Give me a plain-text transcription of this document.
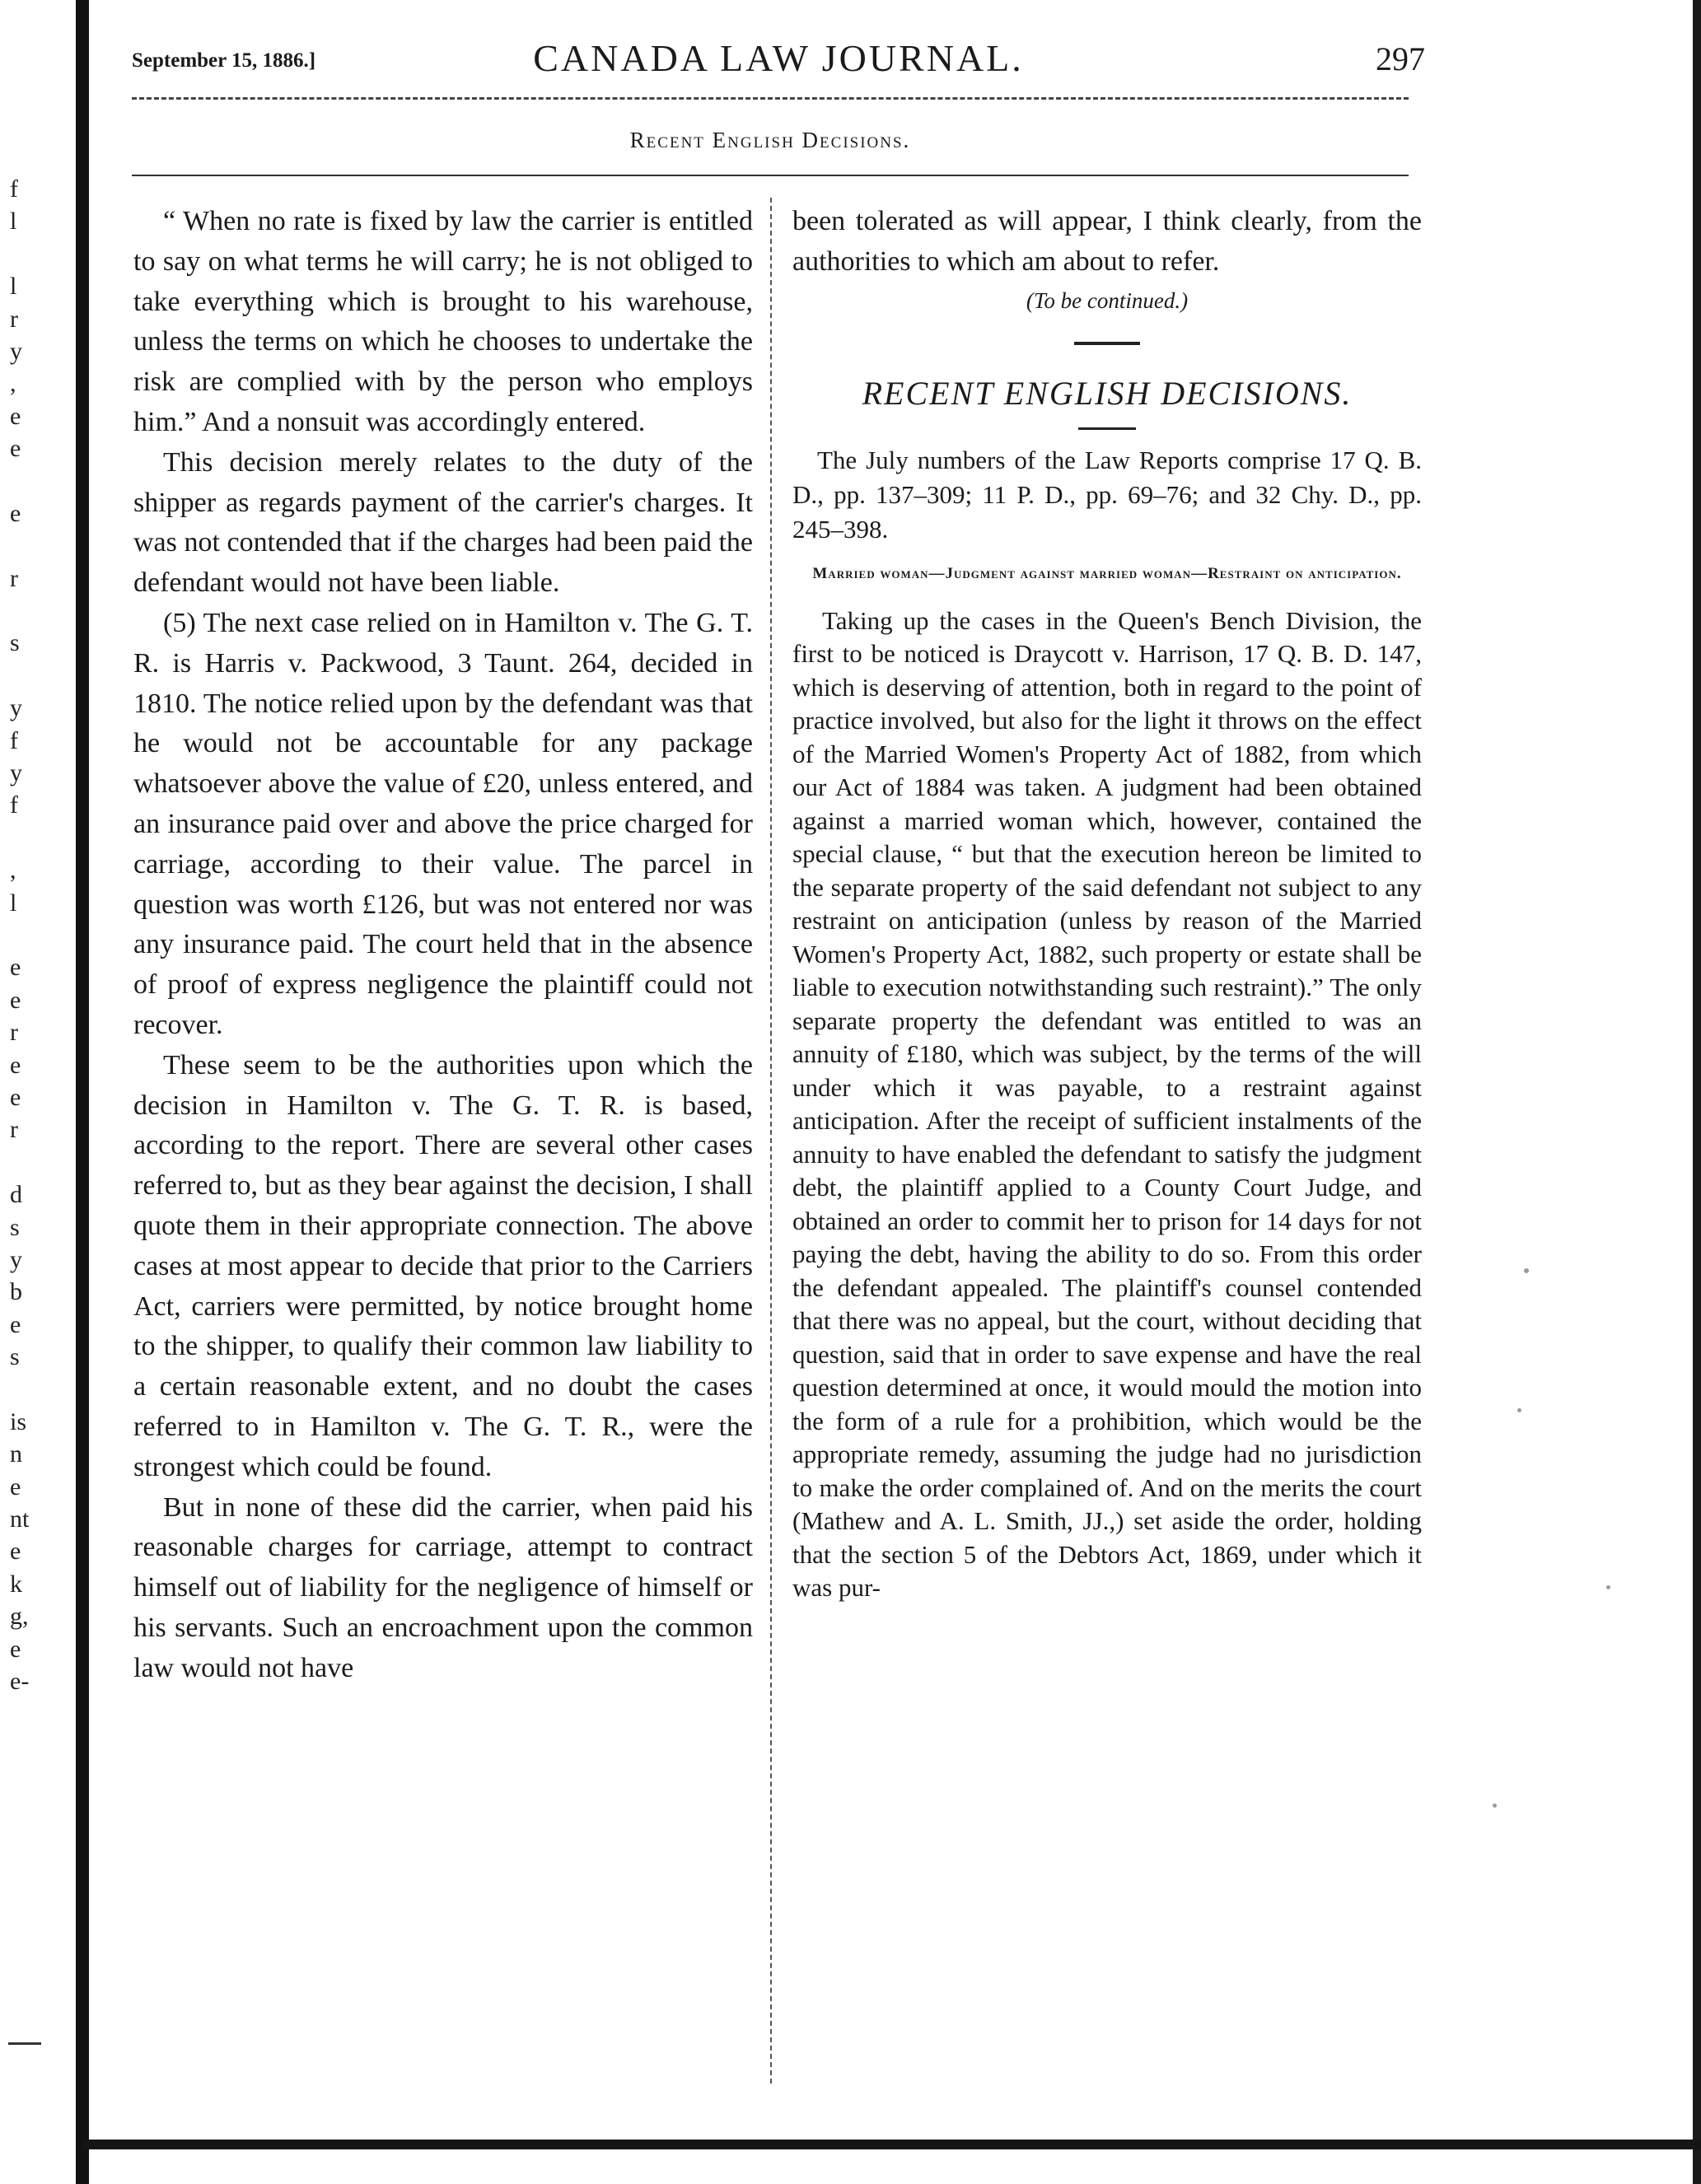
f
l
l
r
y
,
e
e
e
r
s
y
f
y
f
,
l
e
e
r
e
e
r
d
s
y
b
e
s
is
n
e
nt
e
k
g,
e
e-
September 15, 1886.]	CANADA LAW JOURNAL.	297
Recent English Decisions.

“ When no rate is fixed by law the carrier is entitled to say on what terms he will carry; he is not obliged to take everything which is brought to his warehouse, unless the terms on which he chooses to undertake the risk are complied with by the person who employs him.” And a nonsuit was accordingly entered.

This decision merely relates to the duty of the shipper as regards payment of the carrier's charges. It was not contended that if the charges had been paid the defendant would not have been liable.

(5) The next case relied on in Hamilton v. The G. T. R. is Harris v. Packwood, 3 Taunt. 264, decided in 1810. The notice relied upon by the defendant was that he would not be accountable for any package whatsoever above the value of £20, unless entered, and an insurance paid over and above the price charged for carriage, according to their value. The parcel in question was worth £126, but was not entered nor was any insurance paid. The court held that in the absence of proof of express negligence the plaintiff could not recover.

These seem to be the authorities upon which the decision in Hamilton v. The G. T. R. is based, according to the report. There are several other cases referred to, but as they bear against the decision, I shall quote them in their appropriate connection. The above cases at most appear to decide that prior to the Carriers Act, carriers were permitted, by notice brought home to the shipper, to qualify their common law liability to a certain reasonable extent, and no doubt the cases referred to in Hamilton v. The G. T. R., were the strongest which could be found.

But in none of these did the carrier, when paid his reasonable charges for carriage, attempt to contract himself out of liability for the negligence of himself or his servants. Such an encroachment upon the common law would not have

been tolerated as will appear, I think clearly, from the authorities to which am about to refer.

(To be continued.)
RECENT ENGLISH DECISIONS.

The July numbers of the Law Reports comprise 17 Q. B. D., pp. 137–309; 11 P. D., pp. 69–76; and 32 Chy. D., pp. 245–398.

Married woman—Judgment against married woman—Restraint on anticipation.

Taking up the cases in the Queen's Bench Division, the first to be noticed is Draycott v. Harrison, 17 Q. B. D. 147, which is deserving of attention, both in regard to the point of practice involved, but also for the light it throws on the effect of the Married Women's Property Act of 1882, from which our Act of 1884 was taken. A judgment had been obtained against a married woman which, however, contained the special clause, “ but that the execution hereon be limited to the separate property of the said defendant not subject to any restraint on anticipation (unless by reason of the Married Women's Property Act, 1882, such property or estate shall be liable to execution notwithstanding such restraint).” The only separate property the defendant was entitled to was an annuity of £180, which was subject, by the terms of the will under which it was payable, to a restraint against anticipation. After the receipt of sufficient instalments of the annuity to have enabled the defendant to satisfy the judgment debt, the plaintiff applied to a County Court Judge, and obtained an order to commit her to prison for 14 days for not paying the debt, having the ability to do so. From this order the defendant appealed. The plaintiff's counsel contended that there was no appeal, but the court, without deciding that question, said that in order to save expense and have the real question determined at once, it would mould the motion into the form of a rule for a prohibition, which would be the appropriate remedy, assuming the judge had no jurisdiction to make the order complained of. And on the merits the court (Mathew and A. L. Smith, JJ.,) set aside the order, holding that the section 5 of the Debtors Act, 1869, under which it was pur-
